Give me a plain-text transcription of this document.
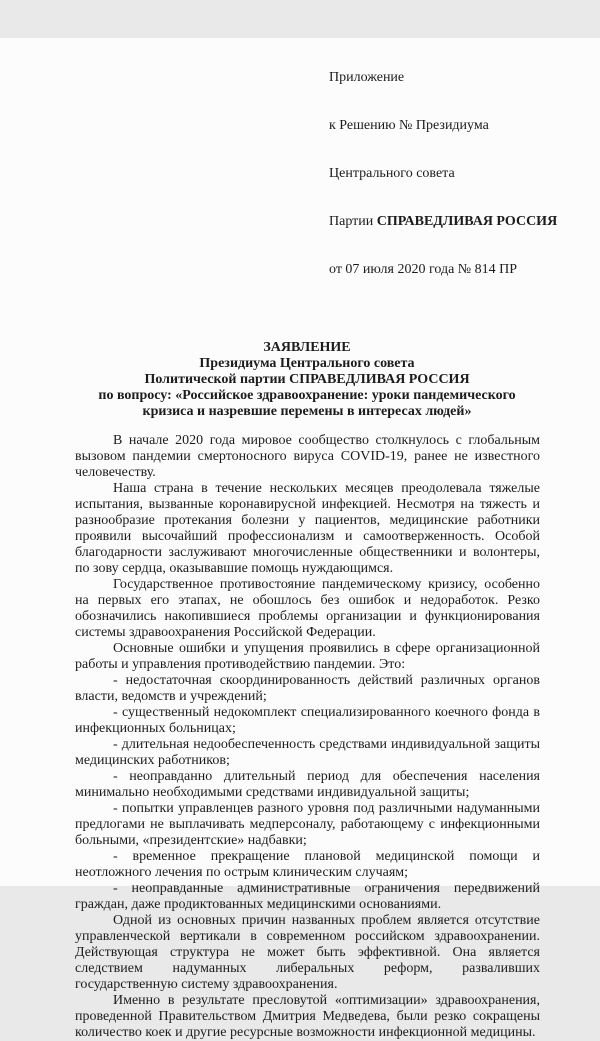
Приложение

к Решению № Президиума

Центрального совета

Партии СПРАВЕДЛИВАЯ РОССИЯ

от 07 июля 2020 года № 814 ПР

ЗАЯВЛЕНИЕ
Президиума Центрального совета
Политической партии СПРАВЕДЛИВАЯ РОССИЯ
по вопросу: «Российское здравоохранение: уроки пандемического кризиса и назревшие перемены в интересах людей»

В начале 2020 года мировое сообщество столкнулось с глобальным вызовом пандемии смертоносного вируса COVID-19, ранее не известного человечеству.

Наша страна в течение нескольких месяцев преодолевала тяжелые испытания, вызванные коронавирусной инфекцией. Несмотря на тяжесть и разнообразие протекания болезни у пациентов, медицинские работники проявили высочайший профессионализм и самоотверженность. Особой благодарности заслуживают многочисленные общественники и волонтеры, по зову сердца, оказывавшие помощь нуждающимся.

Государственное противостояние пандемическому кризису, особенно на первых его этапах, не обошлось без ошибок и недоработок. Резко обозначились накопившиеся проблемы организации и функционирования системы здравоохранения Российской Федерации.

Основные ошибки и упущения проявились в сфере организационной работы и управления противодействию пандемии. Это:

- недостаточная скоординированность действий различных органов власти, ведомств и учреждений;

- существенный недокомплект специализированного коечного фонда в инфекционных больницах;

- длительная недообеспеченность средствами индивидуальной защиты медицинских работников;

- неоправданно длительный период для обеспечения населения минимально необходимыми средствами индивидуальной защиты;

- попытки управленцев разного уровня под различными надуманными предлогами не выплачивать медперсоналу, работающему с инфекционными больными, «президентские» надбавки;

- временное прекращение плановой медицинской помощи и неотложного лечения по острым клиническим случаям;

- неоправданные административные ограничения передвижений граждан, даже продиктованных медицинскими основаниями.

Одной из основных причин названных проблем является отсутствие управленческой вертикали в современном российском здравоохранении. Действующая структура не может быть эффективной. Она является следствием надуманных либеральных реформ, разваливших государственную систему здравоохранения.

Именно в результате пресловутой «оптимизации» здравоохранения, проведенной Правительством Дмитрия Медведева, были резко сокращены количество коек и другие ресурсные возможности инфекционной медицины.
